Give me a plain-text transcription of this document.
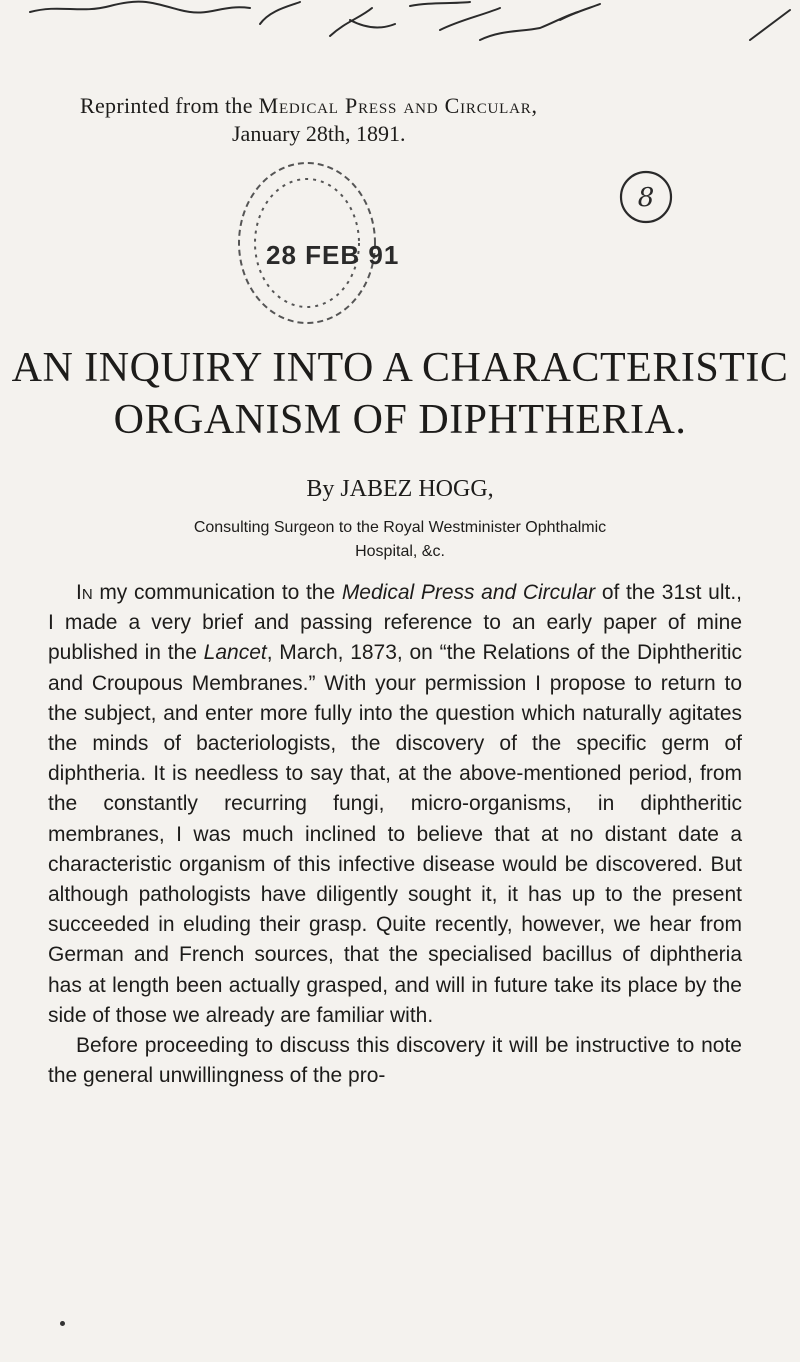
Reprinted from the Medical Press and Circular,
January 28th, 1891.
28 FEB 91
8
AN INQUIRY INTO A CHARACTERISTIC
ORGANISM OF DIPHTHERIA.
By JABEZ HOGG,
Consulting Surgeon to the Royal Westminister Ophthalmic
Hospital, &c.

In my communication to the Medical Press and Circular of the 31st ult., I made a very brief and passing reference to an early paper of mine published in the Lancet, March, 1873, on “the Relations of the Diphtheritic and Croupous Membranes.” With your permission I propose to return to the subject, and enter more fully into the question which naturally agitates the minds of bacteriologists, the discovery of the specific germ of diphtheria. It is needless to say that, at the above-mentioned period, from the constantly recurring fungi, micro-organisms, in diphtheritic membranes, I was much inclined to believe that at no distant date a characteristic organism of this infective disease would be discovered. But although pathologists have diligently sought it, it has up to the present succeeded in eluding their grasp. Quite recently, however, we hear from German and French sources, that the specialised bacillus of diphtheria has at length been actually grasped, and will in future take its place by the side of those we already are familiar with.

Before proceeding to discuss this discovery it will be instructive to note the general unwillingness of the pro-
